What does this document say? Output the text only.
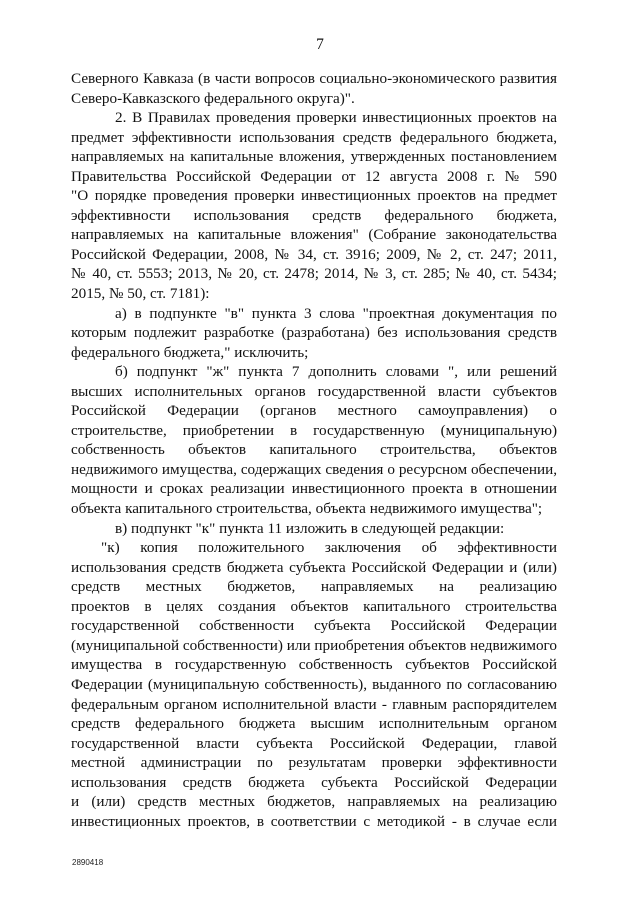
7
Северного Кавказа (в части вопросов социально-экономического развития
Северо-Кавказского федерального округа)".
2. В Правилах проведения проверки инвестиционных проектов на
предмет эффективности использования средств федерального бюджета,
направляемых на капитальные вложения, утвержденных постановлением
Правительства Российской Федерации от 12 августа 2008 г. № 590
"О порядке проведения проверки инвестиционных проектов на предмет
эффективности использования средств федерального бюджета,
направляемых на капитальные вложения" (Собрание законодательства
Российской Федерации, 2008, № 34, ст. 3916; 2009, № 2, ст. 247; 2011,
№ 40, ст. 5553; 2013, № 20, ст. 2478; 2014, № 3, ст. 285; № 40, ст. 5434;
2015, № 50, ст. 7181):
а) в подпункте "в" пункта 3 слова "проектная документация по
которым подлежит разработке (разработана) без использования средств
федерального бюджета," исключить;
б) подпункт "ж" пункта 7 дополнить словами ", или решений
высших исполнительных органов государственной власти субъектов
Российской Федерации (органов местного самоуправления) о
строительстве, приобретении в государственную (муниципальную)
собственность объектов капитального строительства, объектов
недвижимого имущества, содержащих сведения о ресурсном обеспечении,
мощности и сроках реализации инвестиционного проекта в отношении
объекта капитального строительства, объекта недвижимого имущества";
в) подпункт "к" пункта 11 изложить в следующей редакции:
"к) копия положительного заключения об эффективности
использования средств бюджета субъекта Российской Федерации и (или)
средств местных бюджетов, направляемых на реализацию
проектов в целях создания объектов капитального строительства
государственной собственности субъекта Российской Федерации
(муниципальной собственности) или приобретения объектов недвижимого
имущества в государственную собственность субъектов Российской
Федерации (муниципальную собственность), выданного по согласованию
федеральным органом исполнительной власти - главным распорядителем
средств федерального бюджета высшим исполнительным органом
государственной власти субъекта Российской Федерации, главой
местной администрации по результатам проверки эффективности
использования средств бюджета субъекта Российской Федерации
и (или) средств местных бюджетов, направляемых на реализацию
инвестиционных проектов, в соответствии с методикой - в случае если
2890418
